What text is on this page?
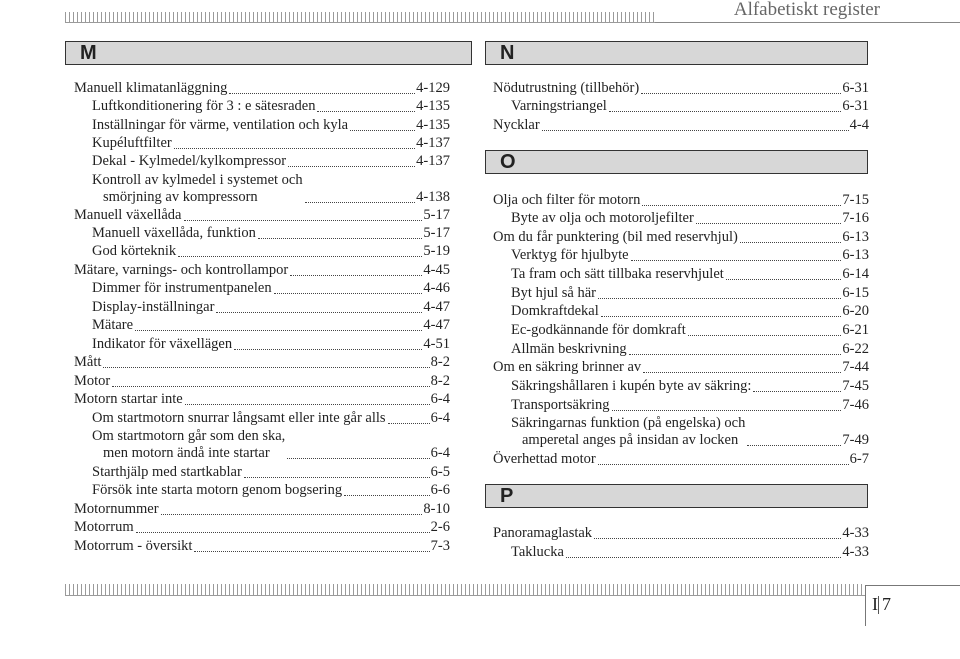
Alfabetiskt register
M
Manuell klimatanläggning	4-129
Luftkonditionering för 3 : e sätesraden	4-135
Inställningar för värme, ventilation och kyla	4-135
Kupéluftfilter	4-137
Dekal - Kylmedel/kylkompressor	4-137
Kontroll av kylmedel i systemet och
smörjning av kompressorn	4-138
Manuell växellåda	5-17
Manuell växellåda, funktion	5-17
God körteknik	5-19
Mätare, varnings- och kontrollampor	4-45
Dimmer för instrumentpanelen	4-46
Display-inställningar	4-47
Mätare	4-47
Indikator för växellägen	4-51
Mått	8-2
Motor	8-2
Motorn startar inte	6-4
Om startmotorn snurrar långsamt eller inte går alls	6-4
Om startmotorn går som den ska,
men motorn ändå inte startar	6-4
Starthjälp med startkablar	6-5
Försök inte starta motorn genom bogsering	6-6
Motornummer	8-10
Motorrum	2-6
Motorrum - översikt	7-3
N
Nödutrustning (tillbehör)	6-31
Varningstriangel	6-31
Nycklar	4-4
O
Olja och filter för motorn	7-15
Byte av olja och motoroljefilter	7-16
Om du får punktering (bil med reservhjul)	6-13
Verktyg för hjulbyte	6-13
Ta fram och sätt tillbaka reservhjulet	6-14
Byt hjul så här	6-15
Domkraftdekal	6-20
Ec-godkännande för domkraft	6-21
Allmän beskrivning	6-22
Om en säkring brinner av	7-44
Säkringshållaren i kupén byte av säkring:	7-45
Transportsäkring	7-46
Säkringarnas funktion (på engelska) och
amperetal anges på insidan av locken	7-49
Överhettad motor	6-7
P
Panoramaglastak	4-33
Taklucka	4-33
I 7
